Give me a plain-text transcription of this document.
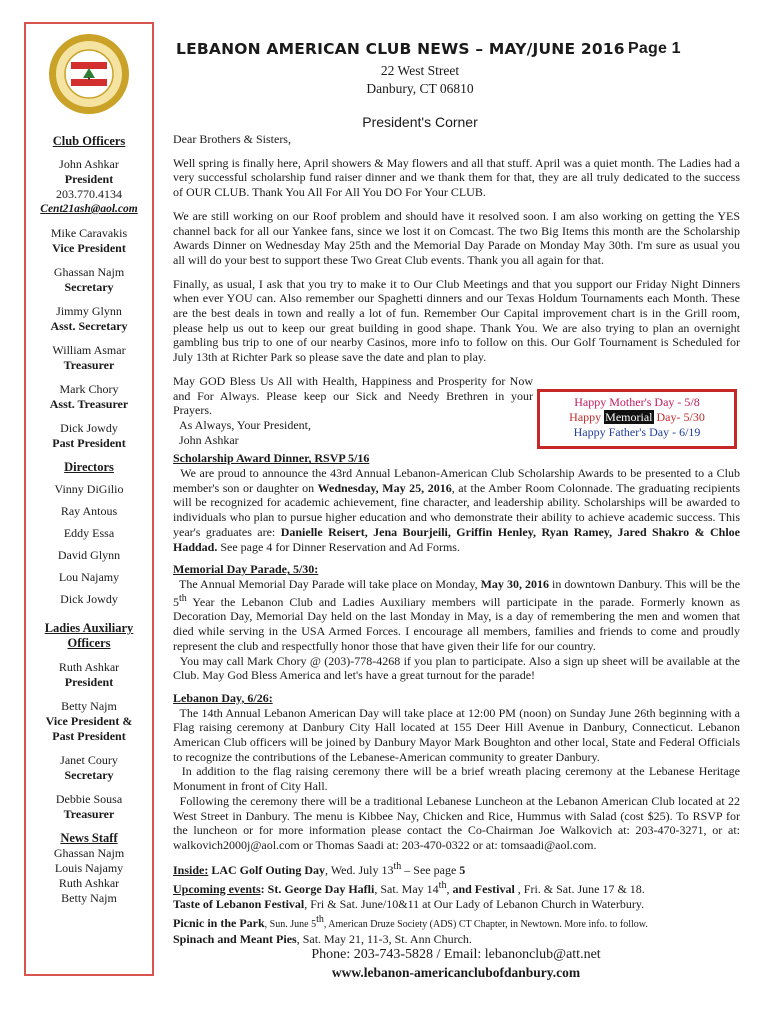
Club Officers
John Ashkar
President
203.770.4134
Cent21ash@aol.com
Mike Caravakis
Vice President
Ghassan Najm
Secretary
Jimmy Glynn
Asst. Secretary
William Asmar
Treasurer
Mark Chory
Asst. Treasurer
Dick Jowdy
Past President
Directors
Vinny DiGilio
Ray Antous
Eddy Essa
David Glynn
Lou Najamy
Dick Jowdy
Ladies Auxiliary
Officers
Ruth Ashkar
President
Betty Najm
Vice President &
Past President
Janet Coury
Secretary
Debbie Sousa
Treasurer
News Staff
Ghassan Najm
Louis Najamy
Ruth Ashkar
Betty Najm
LEBANON AMERICAN CLUB NEWS – MAY/JUNE 2016 Page 1
22 West Street
Danbury, CT 06810
President's Corner
Happy Mother's Day - 5/8
Happy Memorial Day- 5/30
Happy Father's Day - 6/19

Dear Brothers & Sisters,

Well spring is finally here, April showers & May flowers and all that stuff. April was a quiet month. The Ladies had a very successful scholarship fund raiser dinner and we thank them for that, they are all truly dedicated to the success of OUR CLUB. Thank You All For All You DO For Your CLUB.

We are still working on our Roof problem and should have it resolved soon. I am also working on getting the YES channel back for all our Yankee fans, since we lost it on Comcast. The two Big Items this month are the Scholarship Awards Dinner on Wednesday May 25th and the Memorial Day Parade on Monday May 30th. I'm sure as usual you all will do your best to support these Two Great Club events. Thank you all again for that.

Finally, as usual, I ask that you try to make it to Our Club Meetings and that you support our Friday Night Dinners when ever YOU can. Also remember our Spaghetti dinners and our Texas Holdum Tournaments each Month. These are the best deals in town and really a lot of fun. Remember Our Capital improvement chart is in the Grill room, please help us out to keep our great building in good shape. Thank You. We are also trying to plan an overnight gambling bus trip to one of our nearby Casinos, more info to follow on this. Our Golf Tournament is Scheduled for July 13th at Richter Park so please save the date and plan to play.

May GOD Bless Us All with Health, Happiness and Prosperity for Now and For Always. Please keep our Sick and Needy Brethren in your Prayers.

As Always, Your President,
John Ashkar

Scholarship Award Dinner, RSVP 5/16
We are proud to announce the 43rd Annual Lebanon-American Club Scholarship Awards to be presented to a Club member's son or daughter on Wednesday, May 25, 2016, at the Amber Room Colonnade. The graduating recipients will be recognized for academic achievement, fine character, and leadership ability. Scholarships will be awarded to individuals who plan to pursue higher education and who demonstrate their ability to achieve academic success. This year's graduates are: Danielle Reisert, Jena Bourjeili, Griffin Henley, Ryan Ramey, Jared Shakro & Chloe Haddad. See page 4 for Dinner Reservation and Ad Forms.

Memorial Day Parade, 5/30:
The Annual Memorial Day Parade will take place on Monday, May 30, 2016 in downtown Danbury. This will be the 5th Year the Lebanon Club and Ladies Auxiliary members will participate in the parade. Formerly known as Decoration Day, Memorial Day held on the last Monday in May, is a day of remembering the men and women that died while serving in the USA Armed Forces. I encourage all members, families and friends to come and proudly represent the club and respectfully honor those that have given their life for our country.
You may call Mark Chory @ (203)-778-4268 if you plan to participate. Also a sign up sheet will be available at the Club. May God Bless America and let's have a great turnout for the parade!

Lebanon Day, 6/26:
The 14th Annual Lebanon American Day will take place at 12:00 PM (noon) on Sunday June 26th beginning with a Flag raising ceremony at Danbury City Hall located at 155 Deer Hill Avenue in Danbury, Connecticut. Lebanon American Club officers will be joined by Danbury Mayor Mark Boughton and other local, State and Federal Officials to recognize the contributions of the Lebanese-American community to greater Danbury.
In addition to the flag raising ceremony there will be a brief wreath placing ceremony at the Lebanese Heritage Monument in front of City Hall.
Following the ceremony there will be a traditional Lebanese Luncheon at the Lebanon American Club located at 22 West Street in Danbury. The menu is Kibbee Nay, Chicken and Rice, Hummus with Salad (cost $25). To RSVP for the luncheon or for more information please contact the Co-Chairman Joe Walkovich at: 203-470-3271, or at: walkovich2000j@aol.com or Thomas Saadi at: 203-470-0322 or at: tomsaadi@aol.com.

Inside: LAC Golf Outing Day, Wed. July 13th – See page 5
Upcoming events: St. George Day Hafli, Sat. May 14th, and Festival , Fri. & Sat. June 17 & 18.
Taste of Lebanon Festival, Fri & Sat. June/10&11 at Our Lady of Lebanon Church in Waterbury.
Picnic in the Park, Sun. June 5th, American Druze Society (ADS) CT Chapter, in Newtown. More info. to follow.
Spinach and Meant Pies, Sat. May 21, 11-3, St. Ann Church.
Phone: 203-743-5828 / Email: lebanonclub@att.net
www.lebanon-americanclubofdanbury.com
